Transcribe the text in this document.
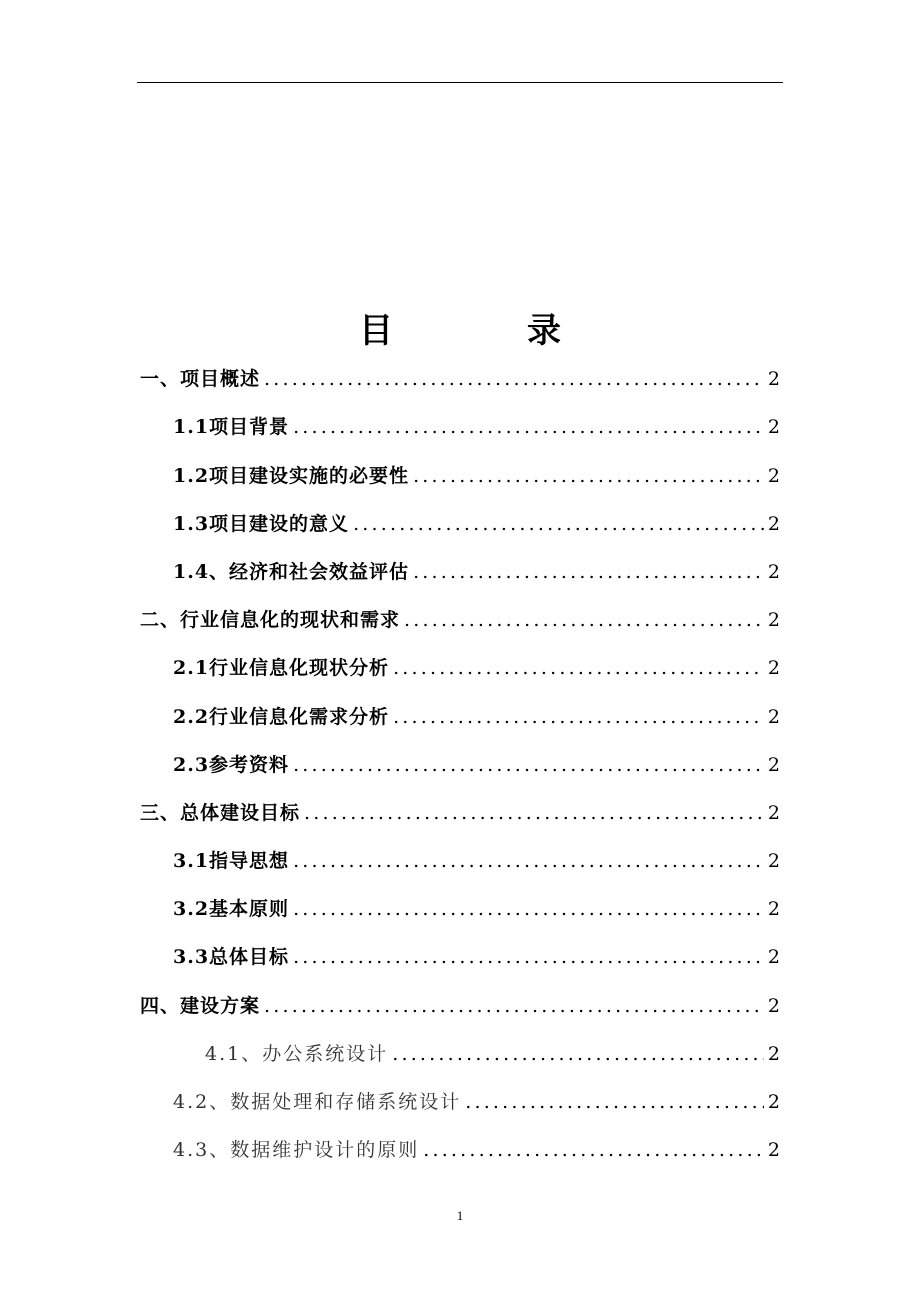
目　录
一、项目概述 .....	2
1.1项目背景 .....	2
1.2项目建设实施的必要性 .....	2
1.3项目建设的意义 .....	2
1.4、经济和社会效益评估 .....	2
二、行业信息化的现状和需求 .....	2
2.1行业信息化现状分析 .....	2
2.2行业信息化需求分析 .....	2
2.3参考资料 .....	2
三、总体建设目标 .....	2
3.1指导思想 .....	2
3.2基本原则 .....	2
3.3总体目标 .....	2
四、建设方案 .....	2
4.1、办公系统设计 .....	2
4.2、数据处理和存储系统设计 .....	2
4.3、数据维护设计的原则 .....	2
1
